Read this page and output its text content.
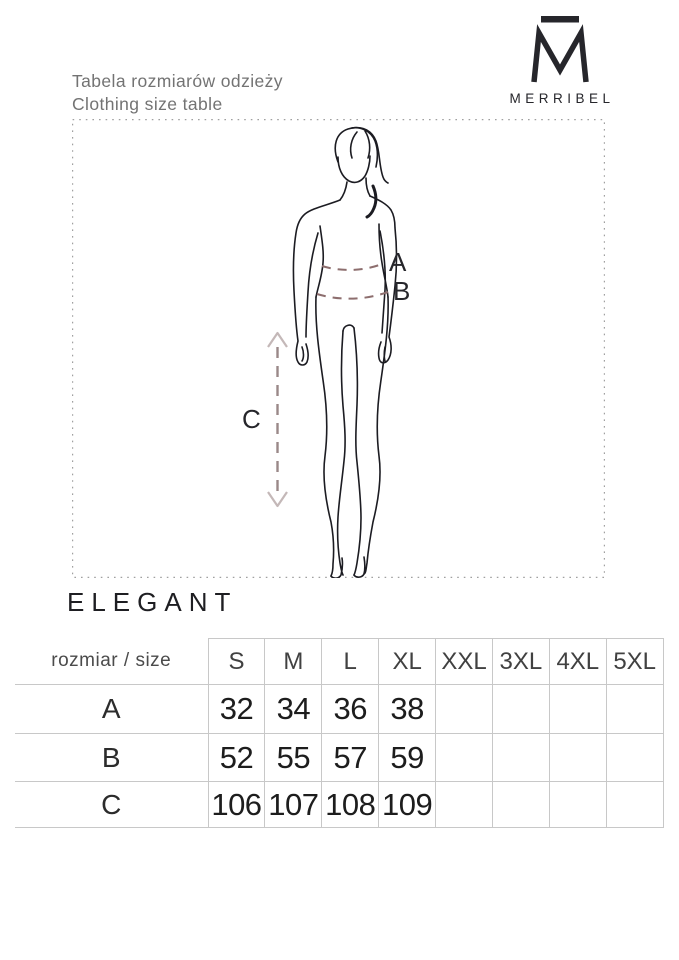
Tabela rozmiarów odzieży
Clothing size table	MERRIBEL
A
B
C
ELEGANT
rozmiar / size	S	M	L	XL	XXL	3XL	4XL	5XL
A	32	34	36	38				
B	52	55	57	59				
C	106	107	108	109				
